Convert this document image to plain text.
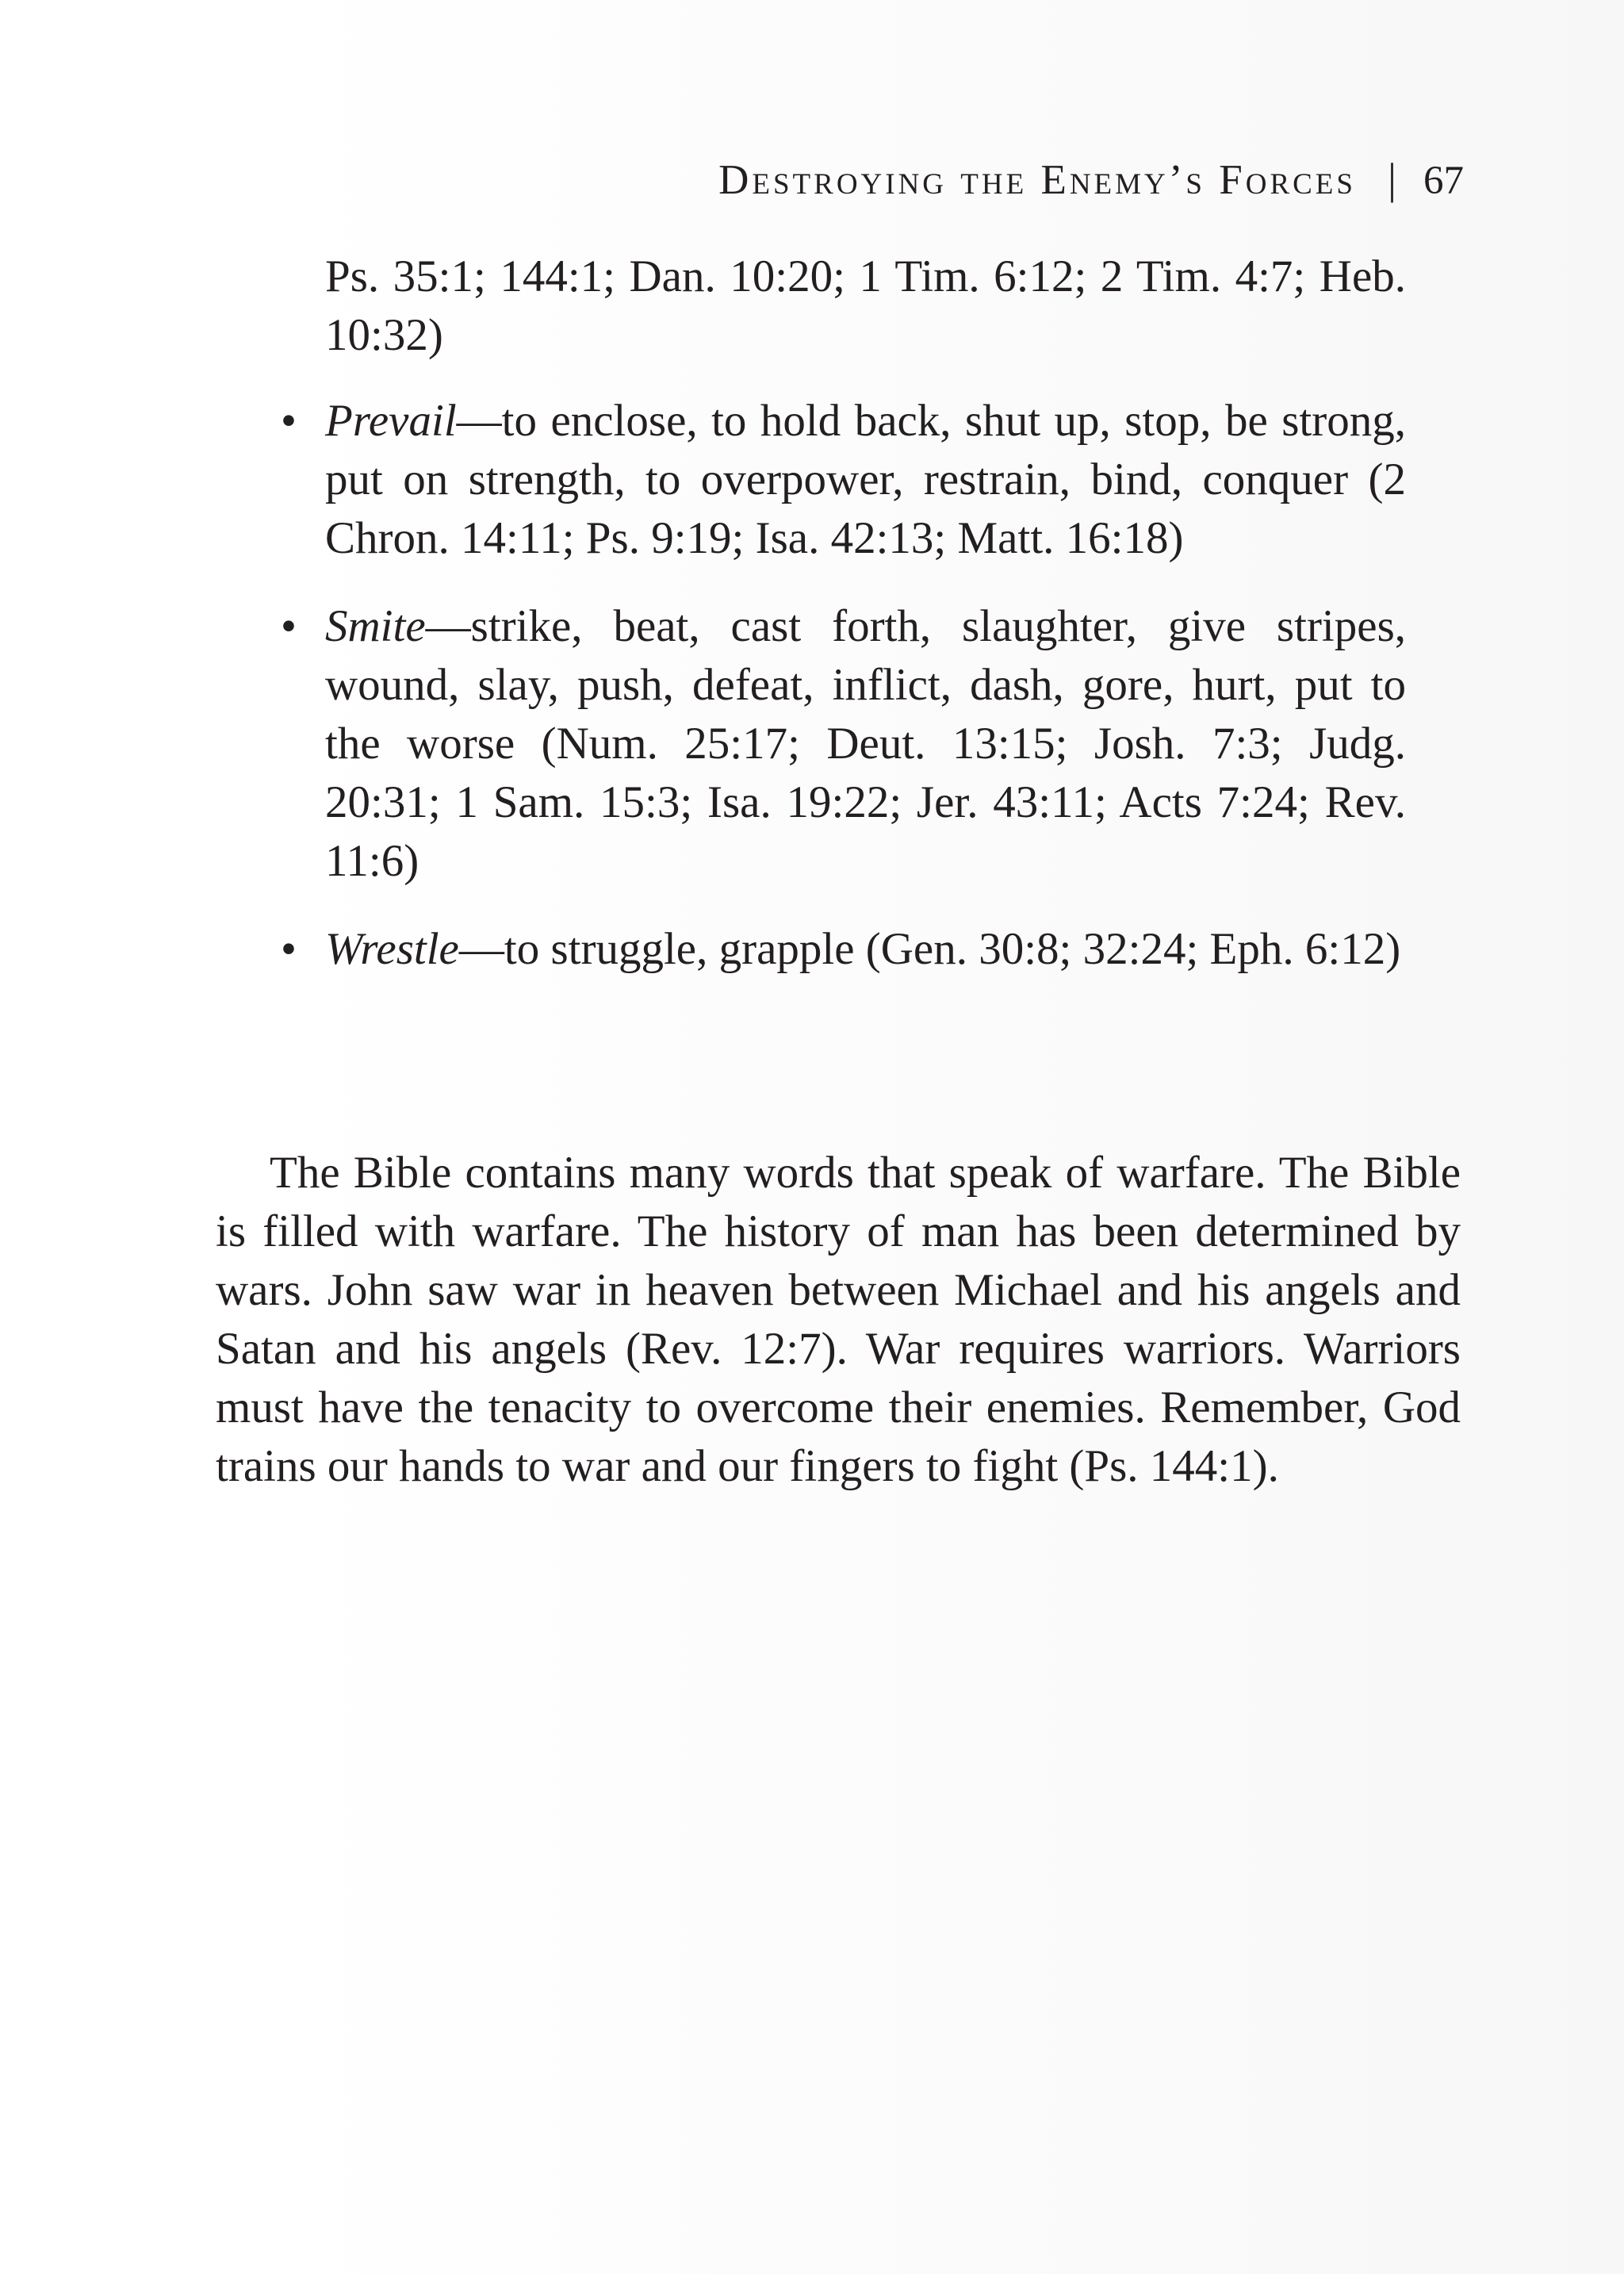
Destroying the Enemy’s Forces | 67

Ps. 35:1; 144:1; Dan. 10:20; 1 Tim. 6:12; 2 Tim. 4:7; Heb. 10:32)

• Prevail—to enclose, to hold back, shut up, stop, be strong, put on strength, to overpower, restrain, bind, conquer (2 Chron. 14:11; Ps. 9:19; Isa. 42:13; Matt. 16:18)
• Smite—strike, beat, cast forth, slaughter, give stripes, wound, slay, push, defeat, inflict, dash, gore, hurt, put to the worse (Num. 25:17; Deut. 13:15; Josh. 7:3; Judg. 20:31; 1 Sam. 15:3; Isa. 19:22; Jer. 43:11; Acts 7:24; Rev. 11:6)
• Wrestle—to struggle, grapple (Gen. 30:8; 32:24; Eph. 6:12)

The Bible contains many words that speak of warfare. The Bible is filled with warfare. The history of man has been determined by wars. John saw war in heaven between Michael and his angels and Satan and his angels (Rev. 12:7). War requires warriors. Warriors must have the tenacity to overcome their enemies. Remember, God trains our hands to war and our fingers to fight (Ps. 144:1).
